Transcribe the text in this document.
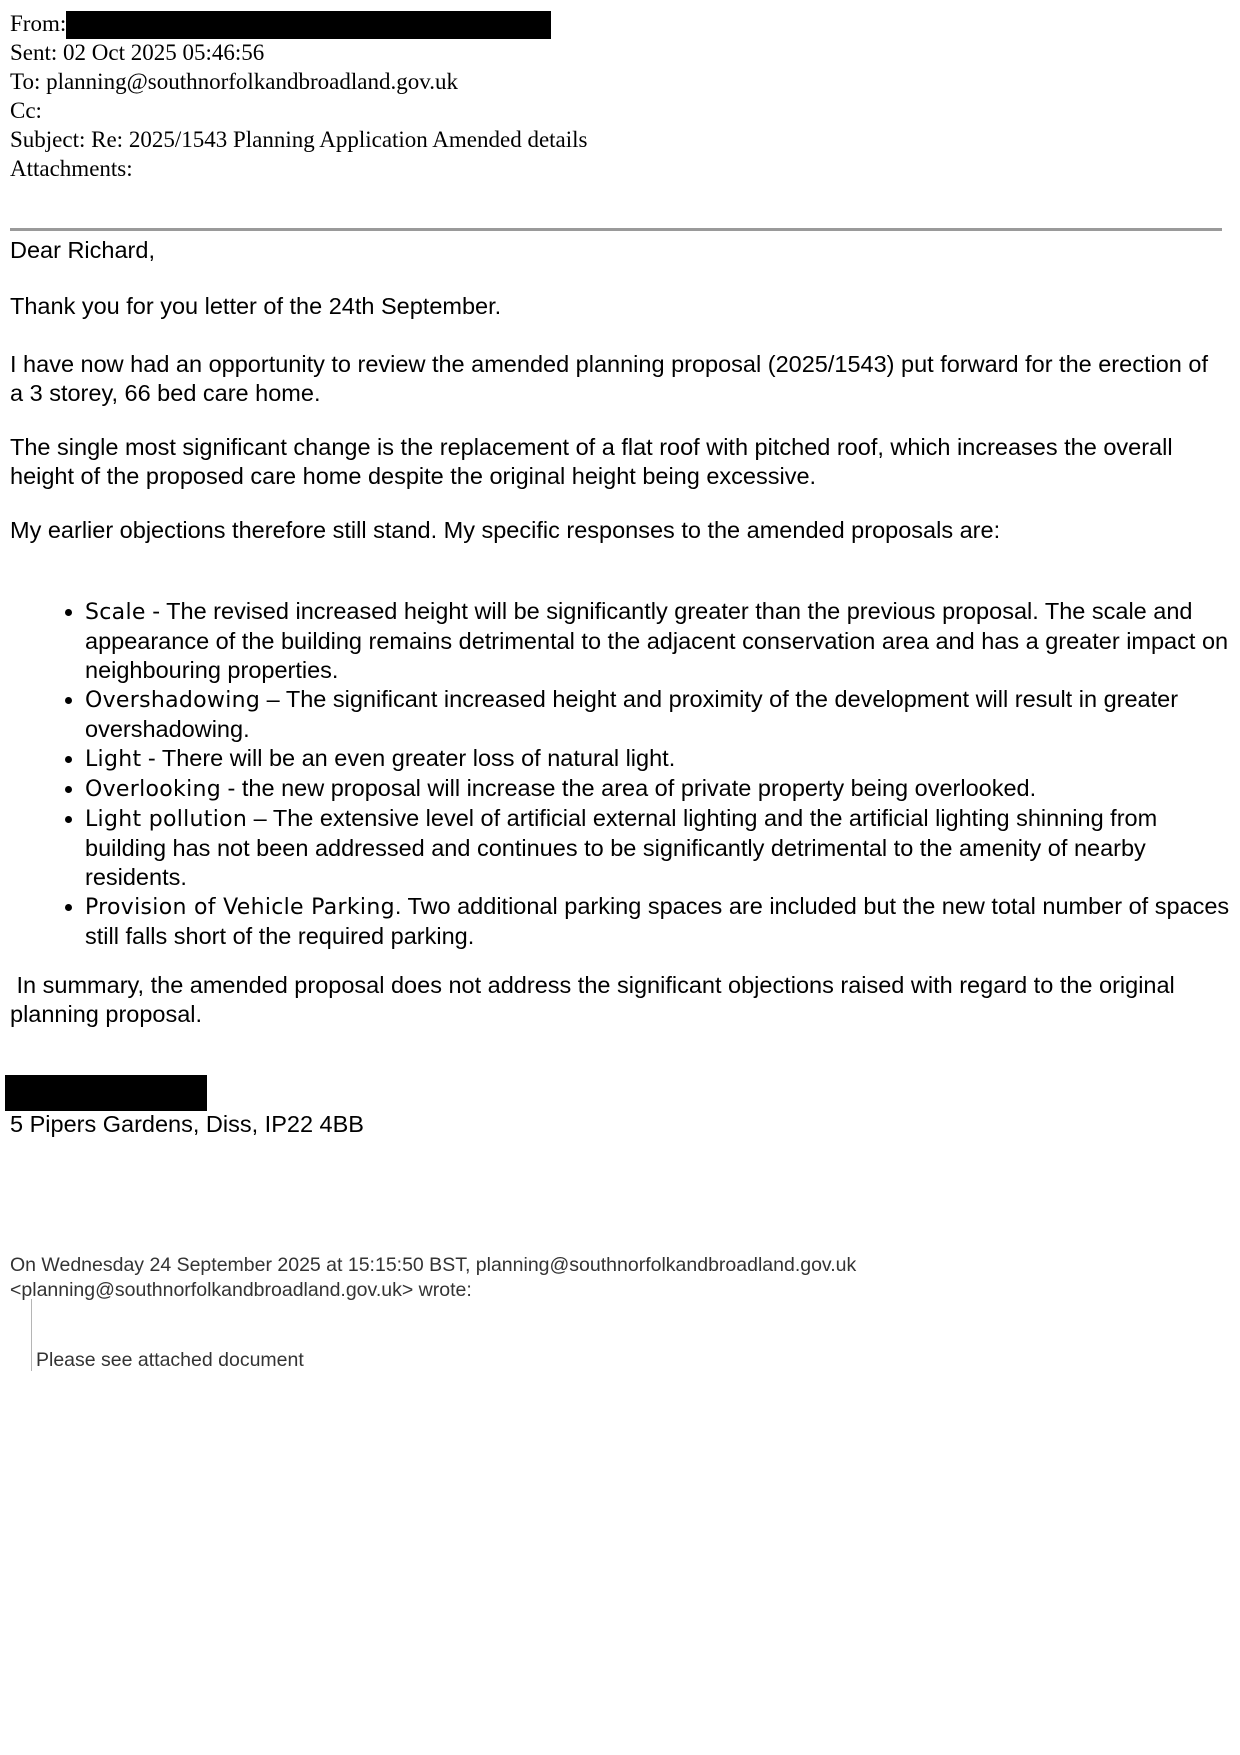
From:
Sent: 02 Oct 2025 05:46:56
To: planning@southnorfolkandbroadland.gov.uk
Cc:
Subject: Re: 2025/1543 Planning Application Amended details
Attachments:

Dear Richard,

Thank you for you letter of the 24th September.

I have now had an opportunity to review the amended planning proposal (2025/1543) put forward for the erection of a 3 storey, 66 bed care home.

The single most significant change is the replacement of a flat roof with pitched roof, which increases the overall height of the proposed care home despite the original height being excessive.

My earlier objections therefore still stand. My specific responses to the amended proposals are:

Scale - The revised increased height will be significantly greater than the previous proposal. The scale and appearance of the building remains detrimental to the adjacent conservation area and has a greater impact on neighbouring properties.
Overshadowing – The significant increased height and proximity of the development will result in greater overshadowing.
Light - There will be an even greater loss of natural light.
Overlooking - the new proposal will increase the area of private property being overlooked.
Light pollution – The extensive level of artificial external lighting and the artificial lighting shinning from building has not been addressed and continues to be significantly detrimental to the amenity of nearby residents.
Provision of Vehicle Parking. Two additional parking spaces are included but the new total number of spaces still falls short of the required parking.

In summary, the amended proposal does not address the significant objections raised with regard to the original planning proposal.

5 Pipers Gardens, Diss, IP22 4BB

On Wednesday 24 September 2025 at 15:15:50 BST, planning@southnorfolkandbroadland.gov.uk <planning@southnorfolkandbroadland.gov.uk> wrote:

Please see attached document
